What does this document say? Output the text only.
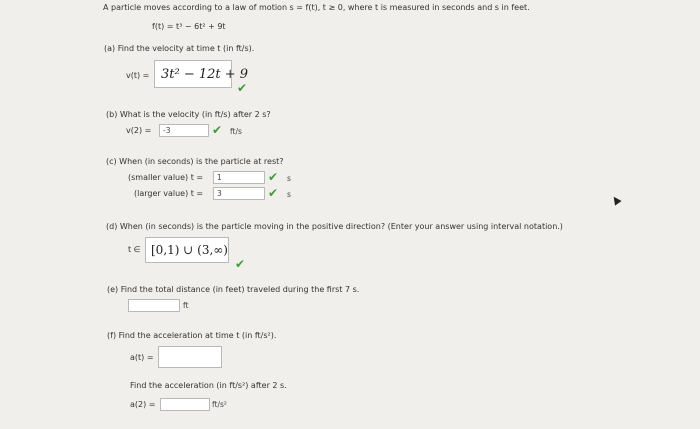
A particle moves according to a law of motion s = f(t), t ≥ 0, where t is measured in seconds and s in feet.
f(t) = t³ − 6t² + 9t
(a) Find the velocity at time t (in ft/s).
v(t) = 3t² − 12t + 9
✔
(b) What is the velocity (in ft/s) after 2 s?
v(2) = -3	✔ ft/s
(c) When (in seconds) is the particle at rest?
(smaller value) t = 1	✔ s
(larger value) t = 3	✔ s
(d) When (in seconds) is the particle moving in the positive direction? (Enter your answer using interval notation.)
t ∈ [0,1) ∪ (3,∞)
✔
(e) Find the total distance (in feet) traveled during the first 7 s.
ft
(f) Find the acceleration at time t (in ft/s²).
a(t) =
Find the acceleration (in ft/s²) after 2 s.
a(2) =	ft/s²
